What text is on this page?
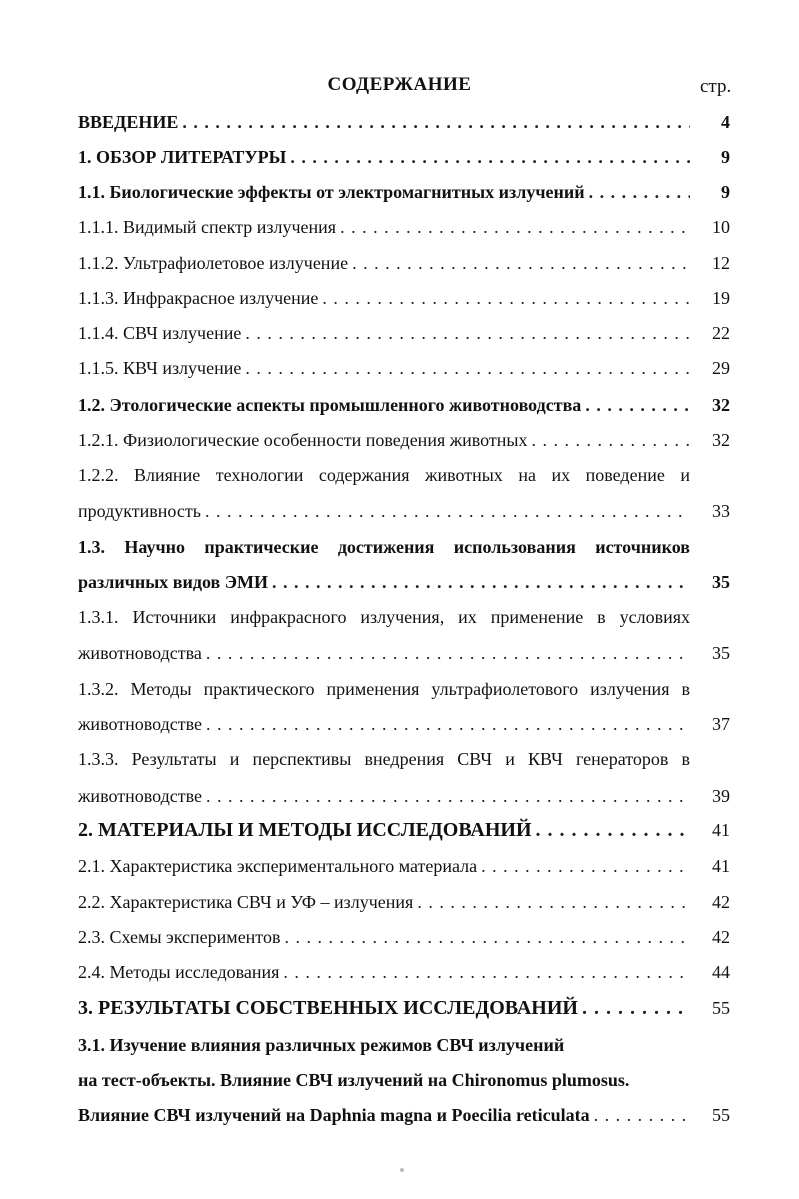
СОДЕРЖАНИЕ	стр.
ВВЕДЕНИЕ . . .	4
1. ОБЗОР ЛИТЕРАТУРЫ . . .	9
1.1. Биологические эффекты от электромагнитных излучений . . .	9
1.1.1. Видимый спектр излучения . . .	10
1.1.2. Ультрафиолетовое излучение . . .	12
1.1.3. Инфракрасное излучение . . .	19
1.1.4. СВЧ излучение . . .	22
1.1.5. КВЧ излучение . . .	29
1.2. Этологические аспекты промышленного животноводства . . .	32
1.2.1. Физиологические особенности поведения животных . . .	32
1.2.2. Влияние технологии содержания животных на их поведение и
продуктивность . . .	33
1.3. Научно практические достижения использования источников
различных видов ЭМИ . . .	35
1.3.1. Источники инфракрасного излучения, их применение в условиях
животноводства . . .	35
1.3.2. Методы практического применения ультрафиолетового излучения в
животноводстве . . .	37
1.3.3. Результаты и перспективы внедрения СВЧ и КВЧ генераторов в
животноводстве . . .	39
2. МАТЕРИАЛЫ И МЕТОДЫ ИССЛЕДОВАНИЙ . . .	41
2.1. Характеристика экспериментального материала . . .	41
2.2. Характеристика СВЧ и УФ – излучения . . .	42
2.3. Схемы экспериментов . . .	42
2.4. Методы исследования . . .	44
3. РЕЗУЛЬТАТЫ СОБСТВЕННЫХ ИССЛЕДОВАНИЙ . . .	55
3.1. Изучение влияния различных режимов СВЧ излучений
на тест-объекты. Влияние СВЧ излучений на Chironomus plumosus.
Влияние СВЧ излучений на Daphnia magna и Poecilia reticulata . . .	55
